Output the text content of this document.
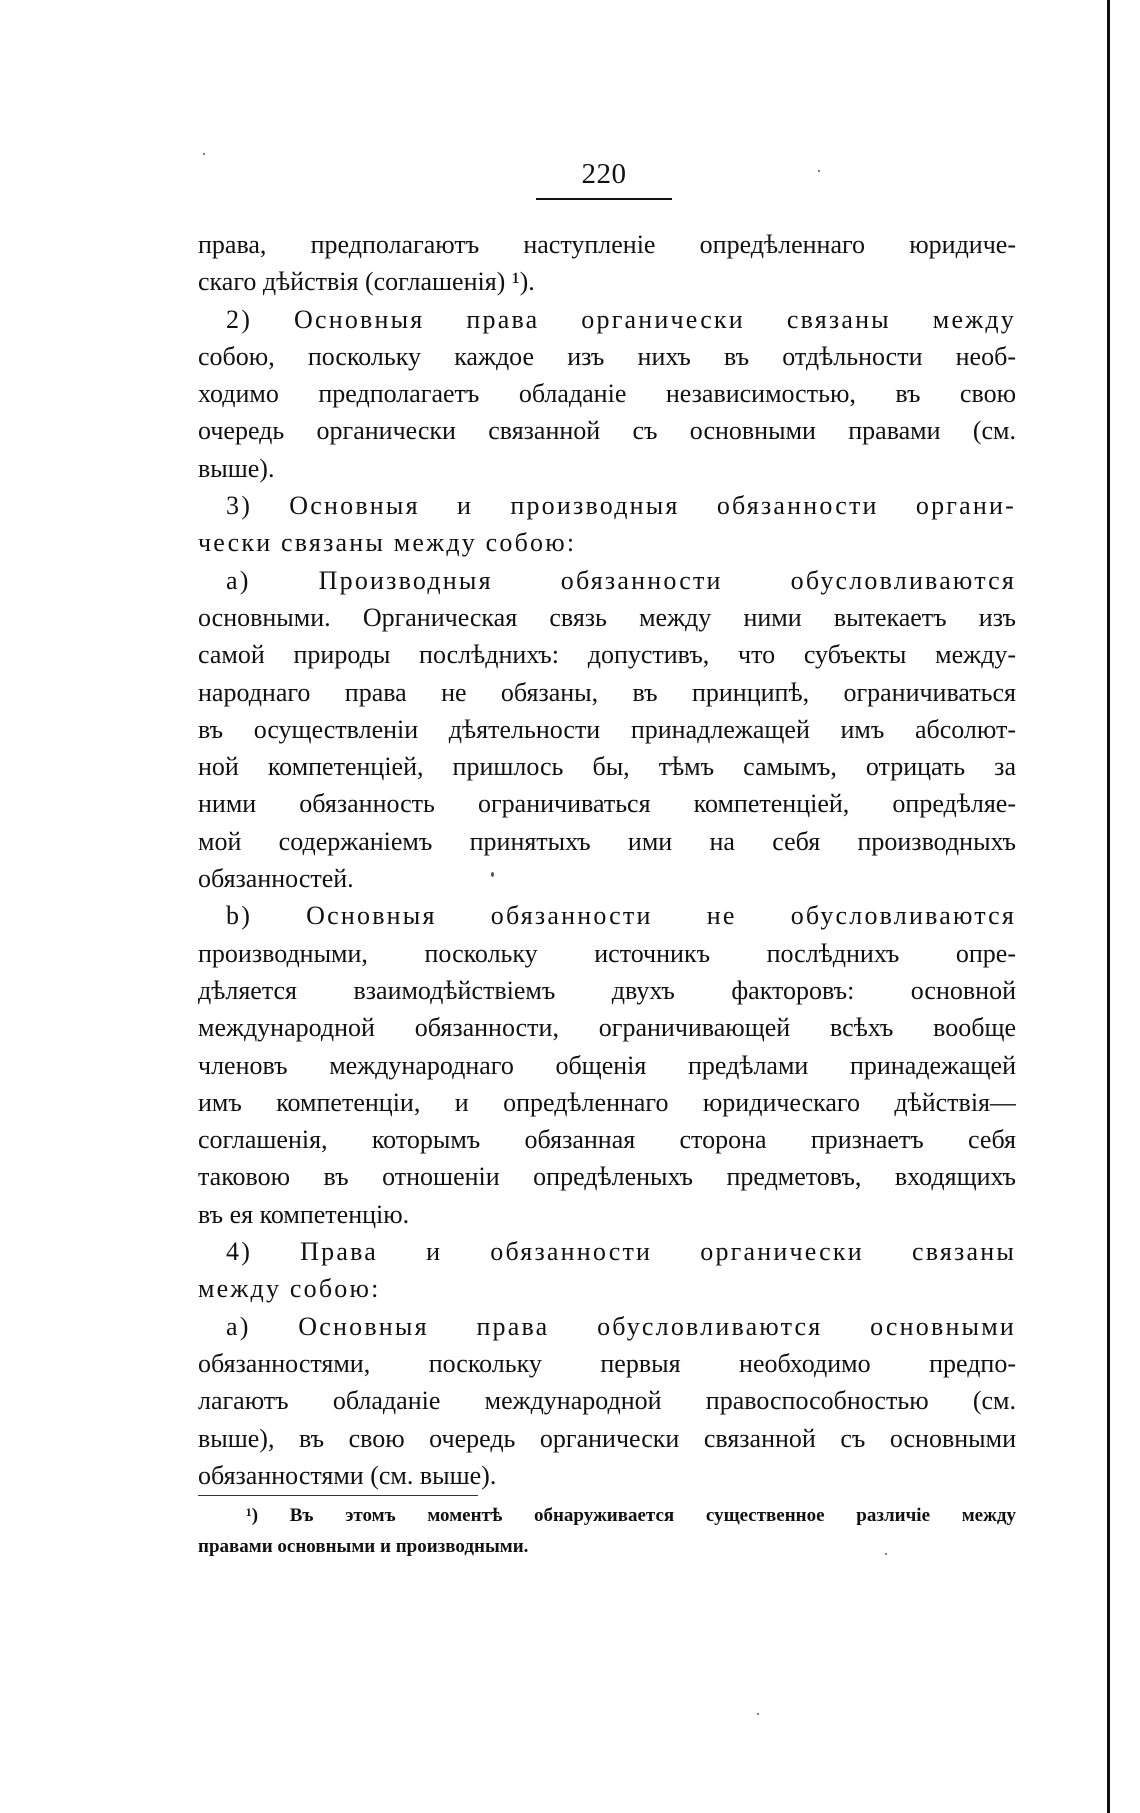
220
права, предполагаютъ наступленіе опредѣленнаго юридиче-
скаго дѣйствія (соглашенія) ¹).
2) Основныя права органически связаны между
собою, поскольку каждое изъ нихъ въ отдѣльности необ-
ходимо предполагаетъ обладаніе независимостью, въ свою
очередь органически связанной съ основными правами (см.
выше).
3) Основныя и производныя обязанности органи-
чески связаны между собою:
a) Производныя обязанности обусловливаются
основными. Органическая связь между ними вытекаетъ изъ
самой природы послѣднихъ: допустивъ, что субъекты между-
народнаго права не обязаны, въ принципѣ, ограничиваться
въ осуществленіи дѣятельности принадлежащей имъ абсолют-
ной компетенціей, пришлось бы, тѣмъ самымъ, отрицать за
ними обязанность ограничиваться компетенціей, опредѣляе-
мой содержаніемъ принятыхъ ими на себя производныхъ
обязанностей.
b) Основныя обязанности не обусловливаются
производными, поскольку источникъ послѣднихъ опре-
дѣляется взаимодѣйствіемъ двухъ факторовъ: основной
международной обязанности, ограничивающей всѣхъ вообще
членовъ международнаго общенія предѣлами принадежащей
имъ компетенціи, и опредѣленнаго юридическаго дѣйствія—
соглашенія, которымъ обязанная сторона признаетъ себя
таковою въ отношеніи опредѣленыхъ предметовъ, входящихъ
въ ея компетенцію.
4) Права и обязанности органически связаны
между собою:
a) Основныя права обусловливаются основными
обязанностями, поскольку первыя необходимо предпо-
лагаютъ обладаніе международной правоспособностью (см.
выше), въ свою очередь органически связанной съ основными
обязанностями (см. выше).
¹) Въ этомъ моментѣ обнаруживается существенное различіе между
правами основными и производными.
